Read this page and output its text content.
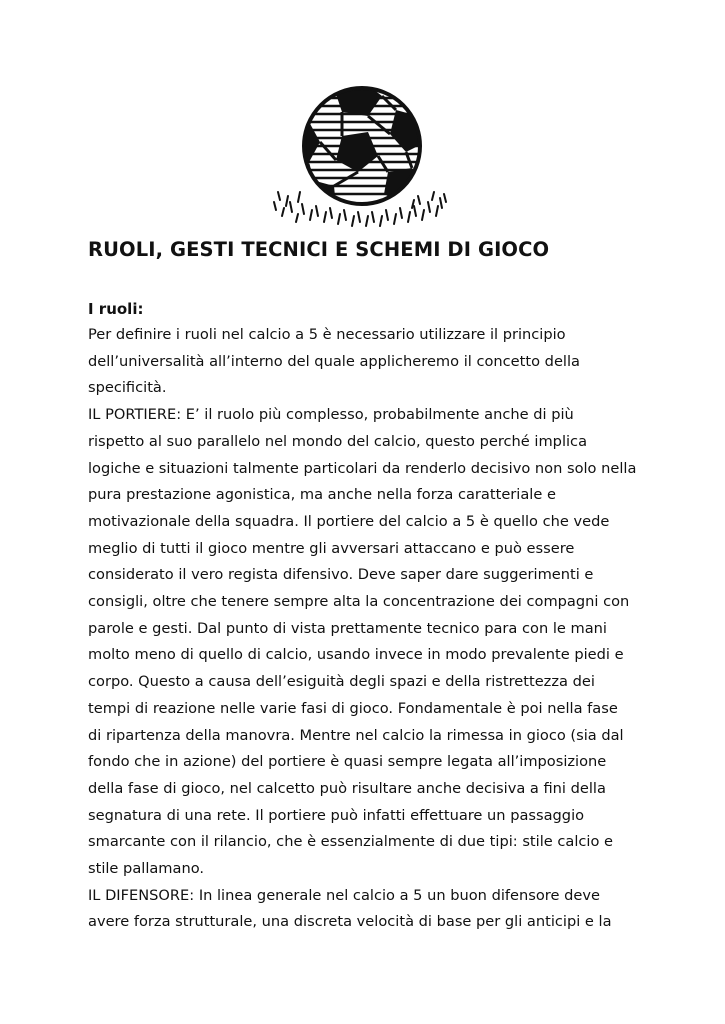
RUOLI, GESTI TECNICI E SCHEMI DI GIOCO
I ruoli:
Per definire i ruoli nel calcio a 5 è necessario utilizzare il principio
dell’universalità all’interno del quale applicheremo il concetto della
specificità.
IL PORTIERE: E’ il ruolo più complesso, probabilmente anche di più
rispetto al suo parallelo nel mondo del calcio, questo perché implica
logiche e situazioni talmente particolari da renderlo decisivo non solo nella
pura prestazione agonistica, ma anche nella forza caratteriale e
motivazionale della squadra. Il portiere del calcio a 5 è quello che vede
meglio di tutti il gioco mentre gli avversari attaccano e può essere
considerato il vero regista difensivo. Deve saper dare suggerimenti e
consigli, oltre che tenere sempre alta la concentrazione dei compagni con
parole e gesti. Dal punto di vista prettamente tecnico para con le mani
molto meno di quello di calcio, usando invece in modo prevalente piedi e
corpo. Questo a causa dell’esiguità degli spazi e della ristrettezza dei
tempi di reazione nelle varie fasi di gioco. Fondamentale è poi nella fase
di ripartenza della manovra. Mentre nel calcio la rimessa in gioco (sia dal
fondo che in azione) del portiere è quasi sempre legata all’imposizione
della fase di gioco, nel calcetto può risultare anche decisiva a fini della
segnatura di una rete. Il portiere può infatti effettuare un passaggio
smarcante con il rilancio, che è essenzialmente di due tipi: stile calcio e
stile pallamano.
IL DIFENSORE: In linea generale nel calcio a 5 un buon difensore deve
avere forza strutturale, una discreta velocità di base per gli anticipi e la
